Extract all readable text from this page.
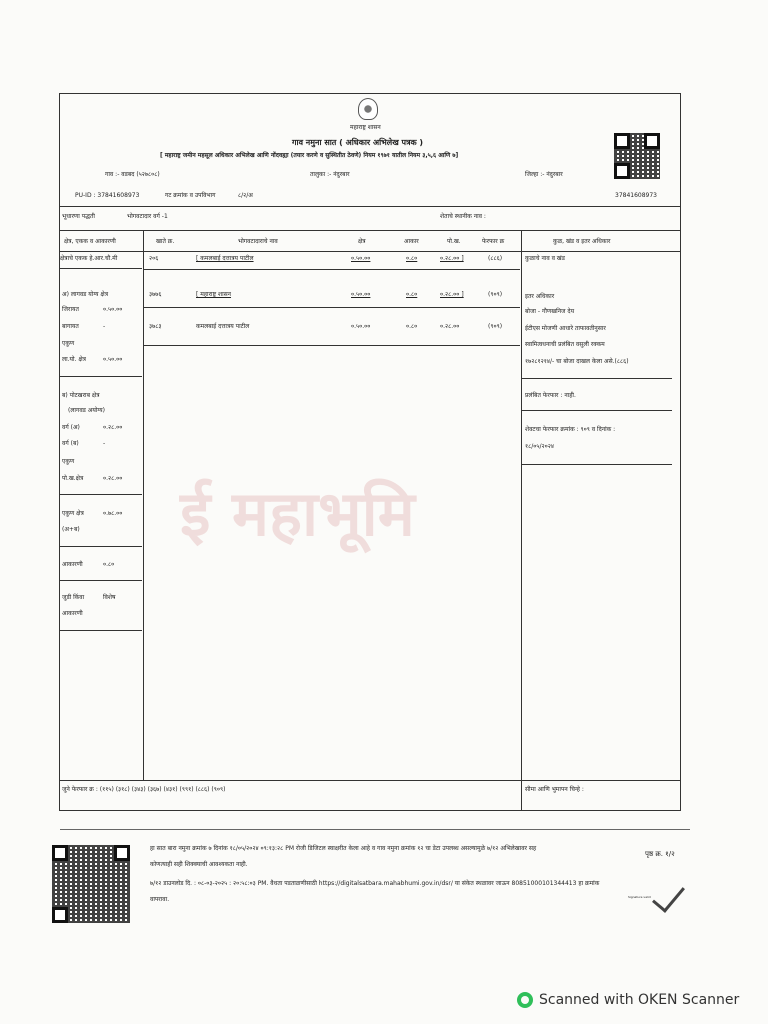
ई महाभूमि
महाराष्ट्र शासन
गाव नमुना सात ( अधिकार अभिलेख पत्रक )
[ महाराष्ट्र जमीन महसूल अधिकार अभिलेख आणि नोंदवह्या (तयार करणे व सुस्थितीत ठेवणे) नियम १९७१ यातील नियम ३,५,६ आणि ७]
गाव :- वडबद (५२७८०८)	तालुका :- नंदुरबार	जिल्हा :- नंदुरबार
PU-ID : 37841608973	गट क्रमांक व उपविभाग	८/२/अ	37841608973
भूधारणा पद्धती	भोगवटादार वर्ग -1	शेताचे स्थानीक नाव :
क्षेत्र, एकक व आकारणी	खाते क्र.	भोगवटादाराचे नाव	क्षेत्र	आकार	पो.ख.	फेरफार क्र	कुळ, खंड व इतर अधिकार
क्षेत्राचे एकक हे.आर.चौ.मी	२०६	[ कमलबाई दत्तात्रय पाटील	०.५०.००	०.८०	०.२८.०० ]	(८८६)
३७७६	[ महाराष्ट्र शासन	०.५०.००	०.८०	०.२८.०० ]	(९०९)
३७८३	कमलबाई दत्तात्रय पाटील	०.५०.००	०.८०	०.२८.००	(९०९)
अ) लागवड योग्य क्षेत्र
जिरायत	०.५०.००
बागायत	-
एकुण
ला.यो. क्षेत्र	०.५०.००
ब) पोटखराब क्षेत्र
(लागवड अयोग्य)
वर्ग (अ)	०.२८.००
वर्ग (ब)	-
एकुण
पो.ख.क्षेत्र	०.२८.००
एकुण क्षेत्र	०.७८.००
(अ+ब)
आकारणी	०.८०
जुडी किंवा	विशेष
आकारणी
कुळाचे नाव व खंड
इतर अधिकार
बोजा - गौणखनिज देय
ईटीएस मोजणी आधारे ताफावतीनुसार
स्वामित्वधनाची प्रलंबित वसुली रक्कम
१७२८१२१४/- चा बोजा दाखल केला असे.(८८६)
प्रलंबित फेरफार : नाही.
शेवटचा फेरफार क्रमांक : ९०९ व दिनांक :
१८/०५/२०२४
जुने फेरफार क्र : (११५) (३१८) (३४३) (३६७) (४३१) (९९१) (८८६) (९०९)	सीमा आणि भुमापन चिन्हे :
हा सात बारा नमुना क्रमांक ७ दिनांक १८/०५/२०२४ ०९:१३:२८ PM रोजी डिजिटल स्वाक्षरीत केला आहे व गाव नमुना क्रमांक १२ चा डेटा उपलब्ध असल्यामुळे ७/१२ अभिलेखावर सह
कोणत्याही सही शिक्क्याची आवश्यकता नाही.
७/१२ डाउनलोड दि. : ०८-०३-२०२५ : २०:५८:०३ PM. वैधता पडताळणीसाठी https://digitalsatbara.mahabhumi.gov.in/dsr/ या संकेत स्थळावर जाऊन 80851000101344413 हा क्रमांक
वापरावा.
पृष्ठ क्र. १/२
Signature valid
Scanned with OKEN Scanner
